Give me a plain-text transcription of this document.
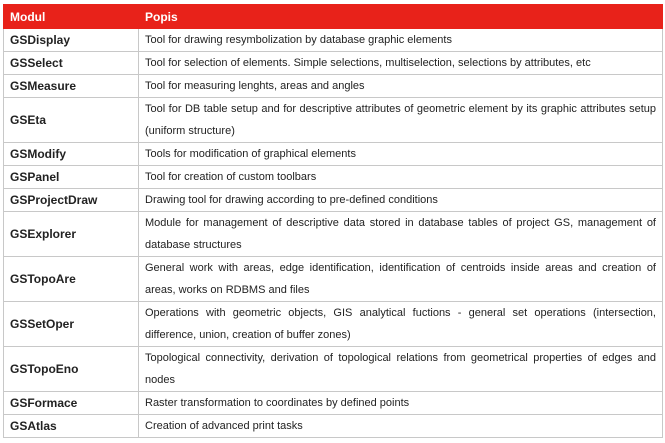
Modul	Popis
GSDisplay	Tool for drawing resymbolization by database graphic elements
GSSelect	Tool for selection of elements. Simple selections, multiselection, selections by attributes, etc
GSMeasure	Tool for measuring lenghts, areas and angles
GSEta	Tool for DB table setup and for descriptive attributes of geometric element by its graphic attributes setup (uniform structure)
GSModify	Tools for modification of graphical elements
GSPanel	Tool for creation of custom toolbars
GSProjectDraw	Drawing tool for drawing according to pre-defined conditions
GSExplorer	Module for management of descriptive data stored in database tables of project GS, management of database structures
GSTopoAre	General work with areas, edge identification, identification of centroids inside areas and creation of areas, works on RDBMS and files
GSSetOper	Operations with geometric objects, GIS analytical fuctions - general set operations (intersection, difference, union, creation of buffer zones)
GSTopoEno	Topological connectivity, derivation of topological relations from geometrical properties of edges and nodes
GSFormace	Raster transformation to coordinates by defined points
GSAtlas	Creation of advanced print tasks
